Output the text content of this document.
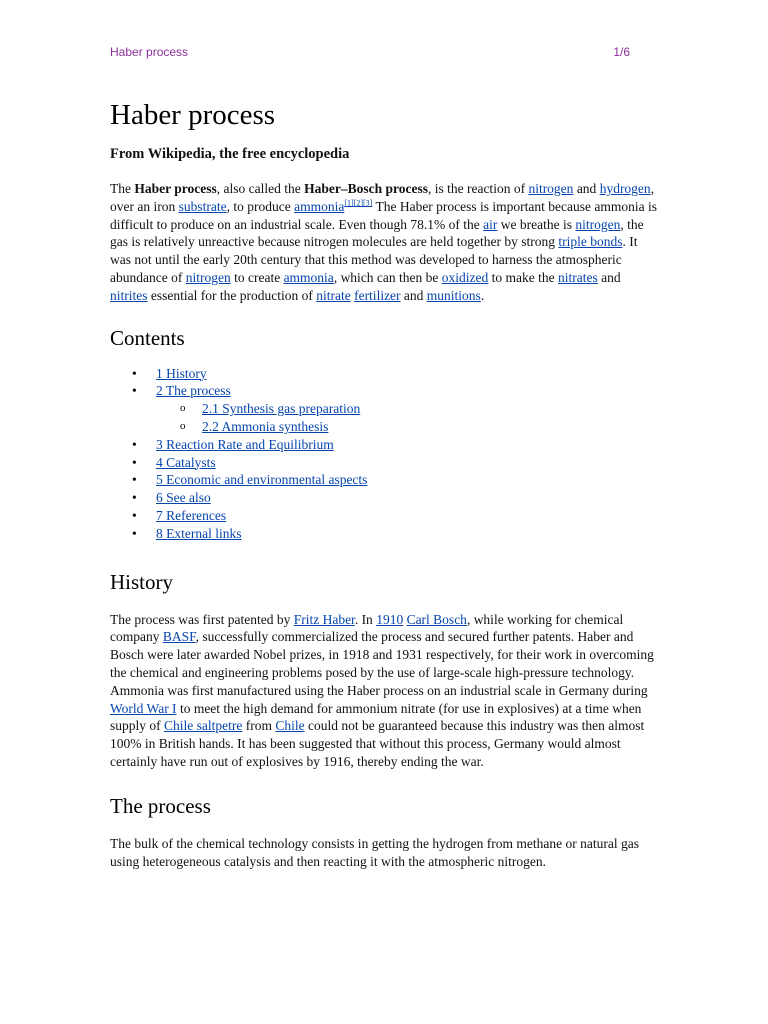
Haber process	1/6
Haber process
From Wikipedia, the free encyclopedia

The Haber process, also called the Haber–Bosch process, is the reaction of nitrogen and hydrogen, over an iron substrate, to produce ammonia[1][2][3] The Haber process is important because ammonia is difficult to produce on an industrial scale. Even though 78.1% of the air we breathe is nitrogen, the gas is relatively unreactive because nitrogen molecules are held together by strong triple bonds. It was not until the early 20th century that this method was developed to harness the atmospheric abundance of nitrogen to create ammonia, which can then be oxidized to make the nitrates and nitrites essential for the production of nitrate fertilizer and munitions.

Contents
• 1 History
• 2 The process
o 2.1 Synthesis gas preparation
o 2.2 Ammonia synthesis
• 3 Reaction Rate and Equilibrium
• 4 Catalysts
• 5 Economic and environmental aspects
• 6 See also
• 7 References
• 8 External links
History

The process was first patented by Fritz Haber. In 1910 Carl Bosch, while working for chemical company BASF, successfully commercialized the process and secured further patents. Haber and Bosch were later awarded Nobel prizes, in 1918 and 1931 respectively, for their work in overcoming the chemical and engineering problems posed by the use of large-scale high-pressure technology. Ammonia was first manufactured using the Haber process on an industrial scale in Germany during World War I to meet the high demand for ammonium nitrate (for use in explosives) at a time when supply of Chile saltpetre from Chile could not be guaranteed because this industry was then almost 100% in British hands. It has been suggested that without this process, Germany would almost certainly have run out of explosives by 1916, thereby ending the war.

The process

The bulk of the chemical technology consists in getting the hydrogen from methane or natural gas using heterogeneous catalysis and then reacting it with the atmospheric nitrogen.
